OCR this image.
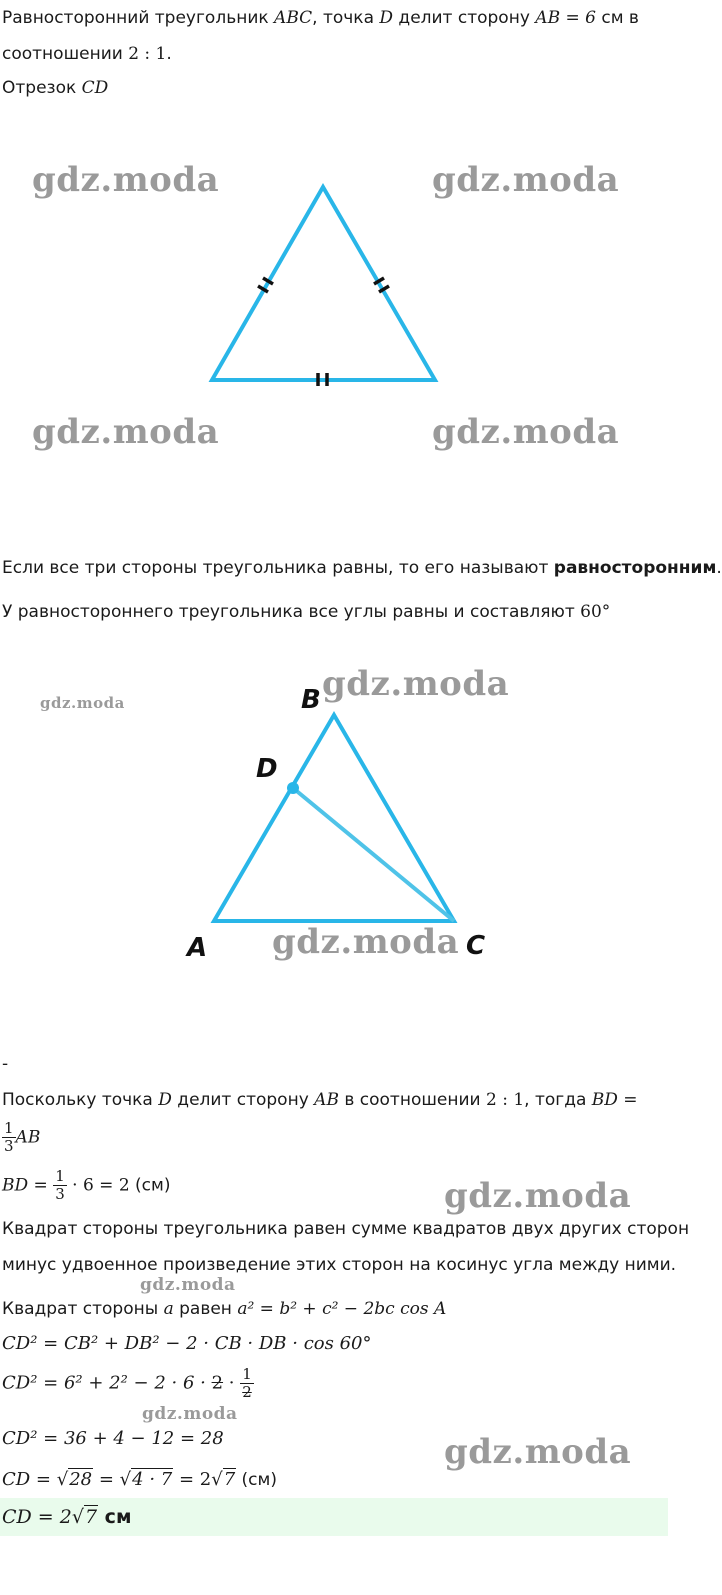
Равносторонний треугольник ABC, точка D делит сторону AB = 6 см в
соотношении 2 : 1.
Отрезок CD
gdz.moda	gdz.moda
gdz.moda	gdz.moda
Если все три стороны треугольника равны, то его называют равносторонним.
У равностороннего треугольника все углы равны и составляют 60°
B
D
A	C
gdz.moda	gdz.moda
gdz.moda
-
Поскольку точка D делит сторону AB в соотношении 2 : 1, тогда BD =
$\frac{1}{3}$ AB
BD = $\frac{1}{3} \cdot 6 = 2$ (см)	gdz.moda
Квадрат стороны треугольника равен сумме квадратов двух других сторон
минус удвоенное произведение этих сторон на косинус угла между ними.
gdz.moda
Квадрат стороны a равен a² = b² + c² − 2bc cos A
CD² = CB² + DB² − 2 · CB · DB · cos 60°
$CD^2 = 6^2 + 2^2 - 2 \cdot 6 \cdot 2 \cdot \frac{1}{2}$
gdz.moda
CD² = 36 + 4 − 12 = 28	gdz.moda
CD = √28 = √4 · 7 = 2√7 (см)
CD = 2√7 см
